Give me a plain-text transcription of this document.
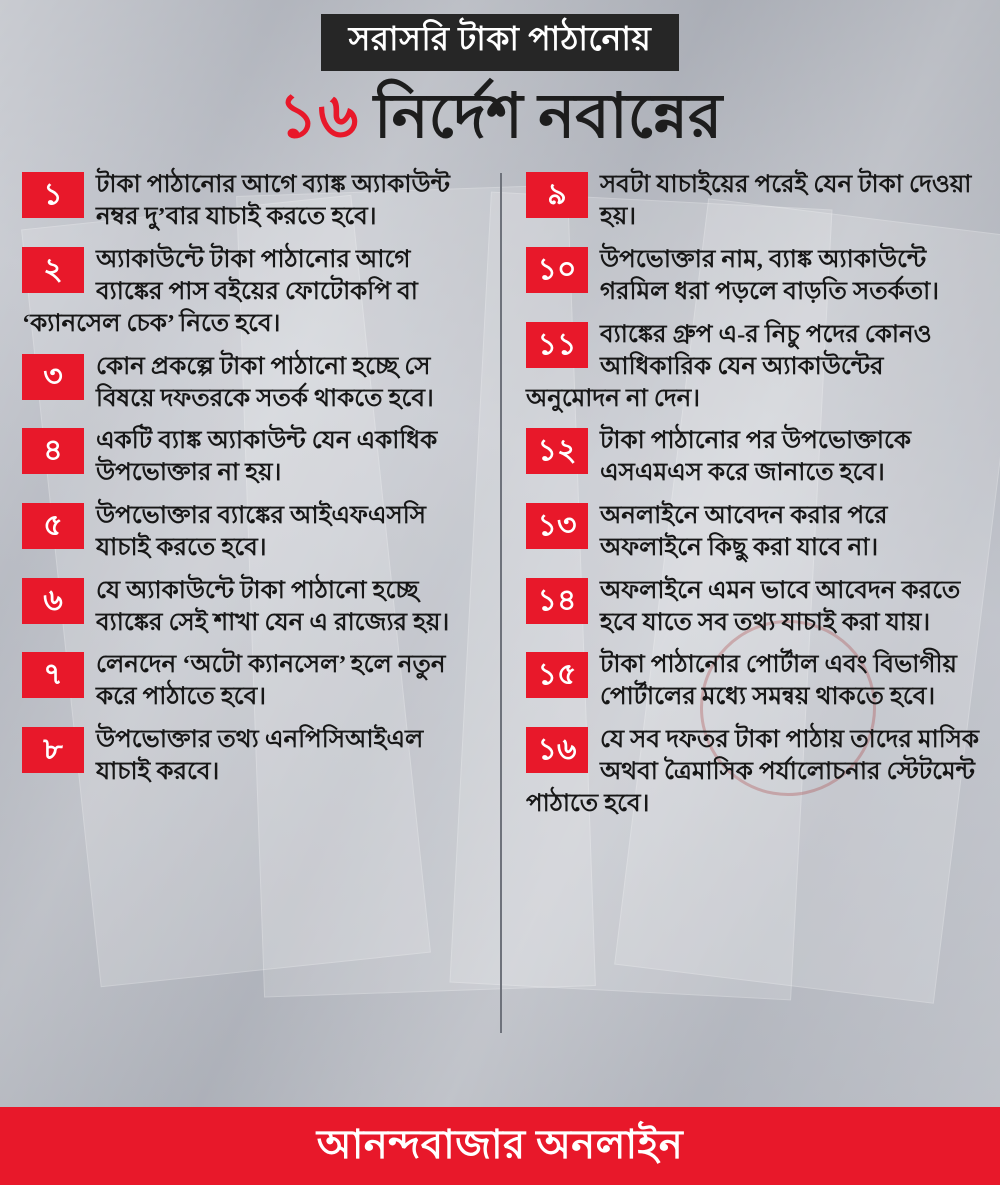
সরাসরি টাকা পাঠানোয়
১৬ নির্দেশ নবান্নের
১	টাকা পাঠানোর আগে ব্যাঙ্ক অ্যাকাউন্ট নম্বর দু’বার যাচাই করতে হবে।
২	অ্যাকাউন্টে টাকা পাঠানোর আগে ব্যাঙ্কের পাস বইয়ের ফোটোকপি বা ‘ক্যানসেল চেক’ নিতে হবে।
৩	কোন প্রকল্পে টাকা পাঠানো হচ্ছে সে বিষয়ে দফতরকে সতর্ক থাকতে হবে।
৪	একটি ব্যাঙ্ক অ্যাকাউন্ট যেন একাধিক উপভোক্তার না হয়।
৫	উপভোক্তার ব্যাঙ্কের আইএফএসসি যাচাই করতে হবে।
৬	যে অ্যাকাউন্টে টাকা পাঠানো হচ্ছে ব্যাঙ্কের সেই শাখা যেন এ রাজ্যের হয়।
৭	লেনদেন ‘অটো ক্যানসেল’ হলে নতুন করে পাঠাতে হবে।
৮	উপভোক্তার তথ্য এনপিসিআইএল যাচাই করবে।
৯	সবটা যাচাইয়ের পরেই যেন টাকা দেওয়া হয়।
১০ উপভোক্তার নাম, ব্যাঙ্ক অ্যাকাউন্টে গরমিল ধরা পড়লে বাড়তি সতর্কতা।
১১ ব্যাঙ্কের গ্রুপ এ-র নিচু পদের কোনও আধিকারিক যেন অ্যাকাউন্টের অনুমোদন না দেন।
১২ টাকা পাঠানোর পর উপভোক্তাকে এসএমএস করে জানাতে হবে।
১৩ অনলাইনে আবেদন করার পরে অফলাইনে কিছু করা যাবে না।
১৪ অফলাইনে এমন ভাবে আবেদন করতে হবে যাতে সব তথ্য যাচাই করা যায়।
১৫ টাকা পাঠানোর পোর্টাল এবং বিভাগীয় পোর্টালের মধ্যে সমন্বয় থাকতে হবে।
১৬ যে সব দফতর টাকা পাঠায় তাদের মাসিক অথবা ত্রৈমাসিক পর্যালোচনার স্টেটমেন্ট পাঠাতে হবে।
আনন্দবাজার অনলাইন
